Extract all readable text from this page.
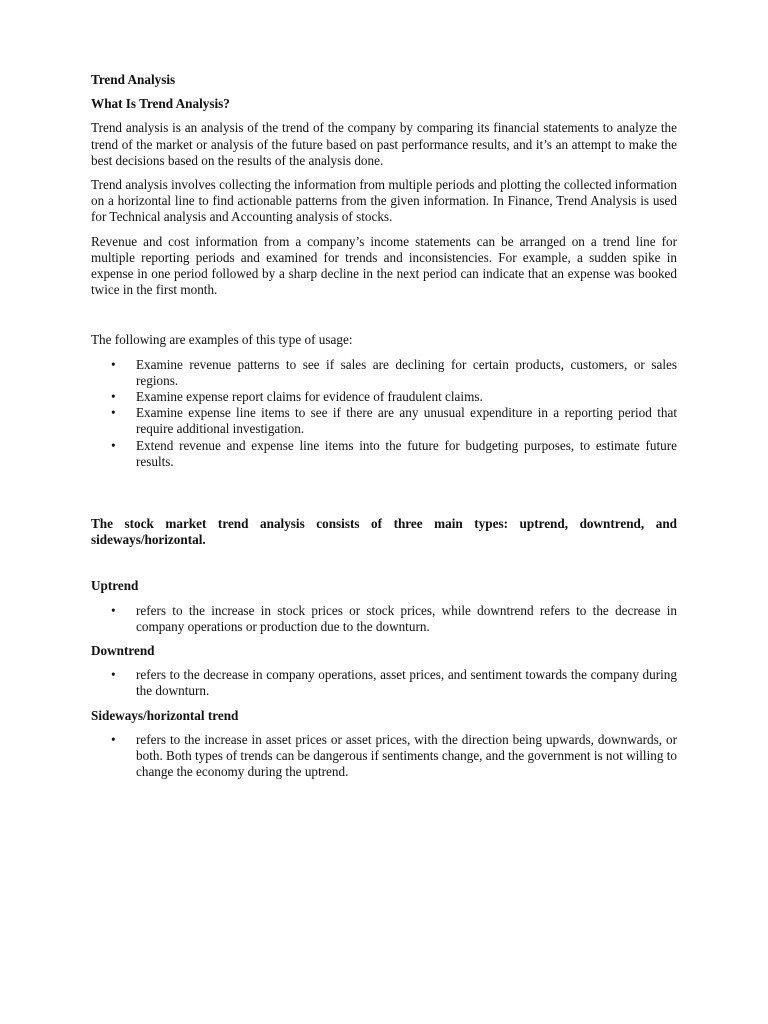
Trend Analysis
What Is Trend Analysis?

Trend analysis is an analysis of the trend of the company by comparing its financial statements to analyze the trend of the market or analysis of the future based on past performance results, and it’s an attempt to make the best decisions based on the results of the analysis done.

Trend analysis involves collecting the information from multiple periods and plotting the collected information on a horizontal line to find actionable patterns from the given information. In Finance, Trend Analysis is used for Technical analysis and Accounting analysis of stocks.

Revenue and cost information from a company’s income statements can be arranged on a trend line for multiple reporting periods and examined for trends and inconsistencies. For example, a sudden spike in expense in one period followed by a sharp decline in the next period can indicate that an expense was booked twice in the first month.

The following are examples of this type of usage:

• Examine revenue patterns to see if sales are declining for certain products, customers, or sales regions.
• Examine expense report claims for evidence of fraudulent claims.
• Examine expense line items to see if there are any unusual expenditure in a reporting period that require additional investigation.
• Extend revenue and expense line items into the future for budgeting purposes, to estimate future results.

The stock market trend analysis consists of three main types: uptrend, downtrend, and sideways/horizontal.

Uptrend
• refers to the increase in stock prices or stock prices, while downtrend refers to the decrease in company operations or production due to the downturn.
Downtrend
• refers to the decrease in company operations, asset prices, and sentiment towards the company during the downturn.
Sideways/horizontal trend
• refers to the increase in asset prices or asset prices, with the direction being upwards, downwards, or both. Both types of trends can be dangerous if sentiments change, and the government is not willing to change the economy during the uptrend.
